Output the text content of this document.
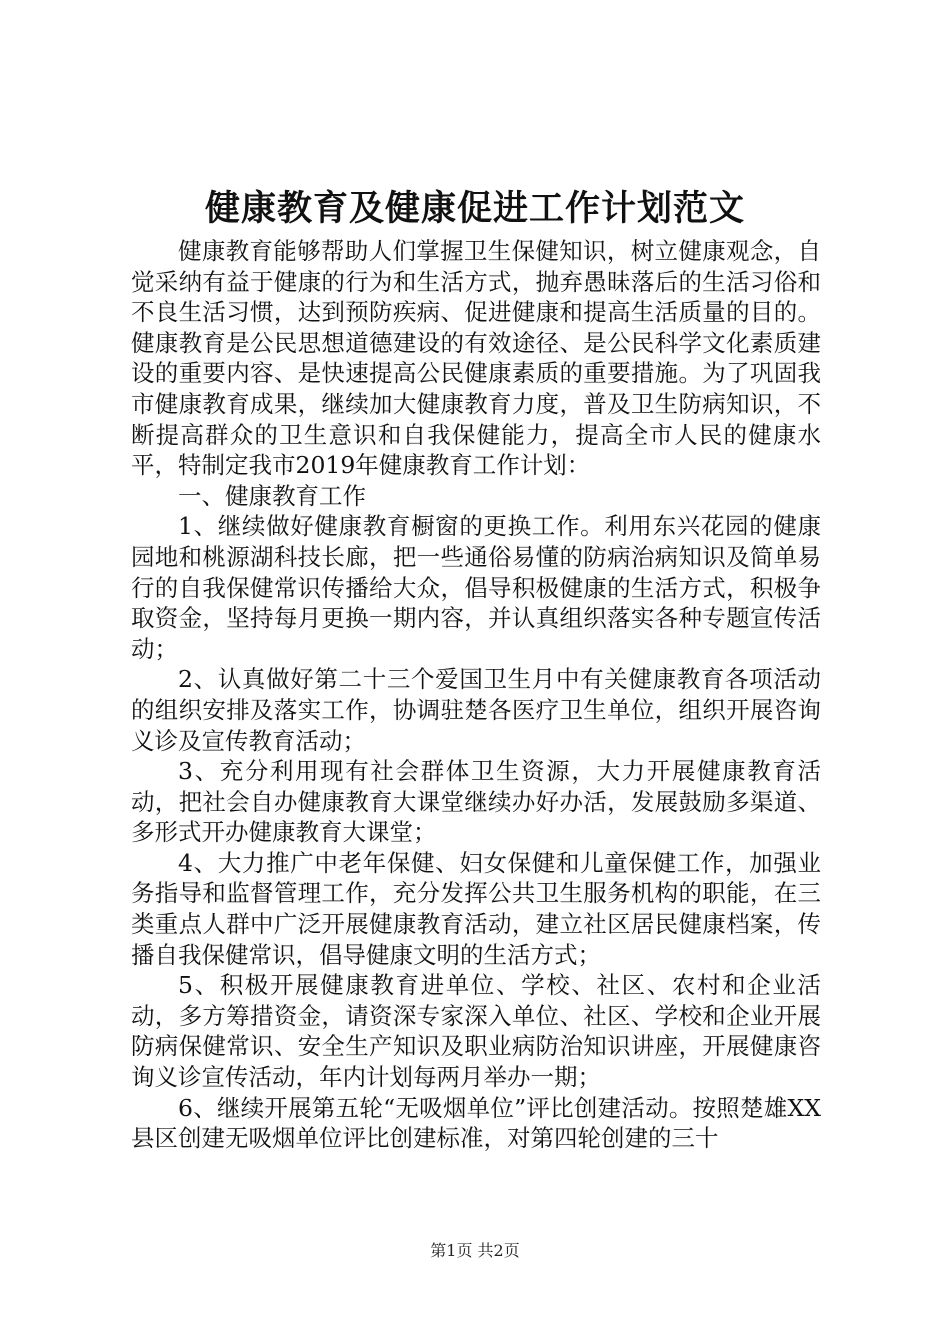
健康教育及健康促进工作计划范文

健康教育能够帮助人们掌握卫生保健知识，树立健康观念，自觉采纳有益于健康的行为和生活方式，抛弃愚昧落后的生活习俗和不良生活习惯，达到预防疾病、促进健康和提高生活质量的目的。健康教育是公民思想道德建设的有效途径、是公民科学文化素质建设的重要内容、是快速提高公民健康素质的重要措施。为了巩固我市健康教育成果，继续加大健康教育力度，普及卫生防病知识，不断提高群众的卫生意识和自我保健能力，提高全市人民的健康水平，特制定我市2019年健康教育工作计划：

一、健康教育工作

1、继续做好健康教育橱窗的更换工作。利用东兴花园的健康园地和桃源湖科技长廊，把一些通俗易懂的防病治病知识及简单易行的自我保健常识传播给大众，倡导积极健康的生活方式，积极争取资金，坚持每月更换一期内容，并认真组织落实各种专题宣传活动；

2、认真做好第二十三个爱国卫生月中有关健康教育各项活动的组织安排及落实工作，协调驻楚各医疗卫生单位，组织开展咨询义诊及宣传教育活动；

3、充分利用现有社会群体卫生资源，大力开展健康教育活动，把社会自办健康教育大课堂继续办好办活，发展鼓励多渠道、多形式开办健康教育大课堂；

4、大力推广中老年保健、妇女保健和儿童保健工作，加强业务指导和监督管理工作，充分发挥公共卫生服务机构的职能，在三类重点人群中广泛开展健康教育活动，建立社区居民健康档案，传播自我保健常识，倡导健康文明的生活方式；

5、积极开展健康教育进单位、学校、社区、农村和企业活动，多方筹措资金，请资深专家深入单位、社区、学校和企业开展防病保健常识、安全生产知识及职业病防治知识讲座，开展健康咨询义诊宣传活动，年内计划每两月举办一期；

6、继续开展第五轮“无吸烟单位”评比创建活动。按照楚雄XX县区创建无吸烟单位评比创建标准，对第四轮创建的三十

第1页 共2页
